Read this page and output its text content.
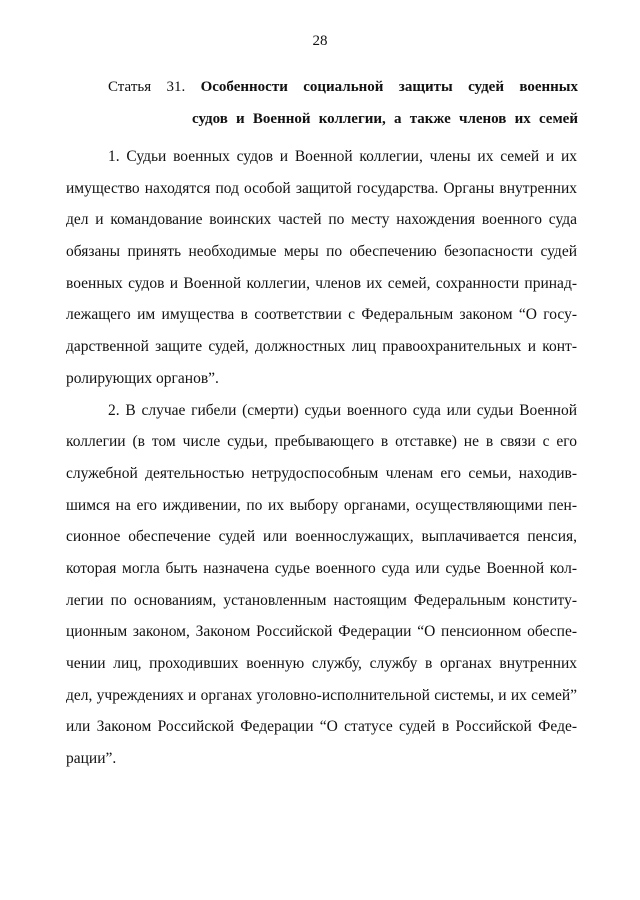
28
Статья 31. Особенности социальной защиты судей военных
судов и Военной коллегии, а также членов их семей
1. Судьи военных судов и Военной коллегии, члены их семей и их
имущество находятся под особой защитой государства. Органы внутренних
дел и командование воинских частей по месту нахождения военного суда
обязаны принять необходимые меры по обеспечению безопасности судей
военных судов и Военной коллегии, членов их семей, сохранности принад-
лежащего им имущества в соответствии с Федеральным законом “О госу-
дарственной защите судей, должностных лиц правоохранительных и конт-
ролирующих органов”.
2. В случае гибели (смерти) судьи военного суда или судьи Военной
коллегии (в том числе судьи, пребывающего в отставке) не в связи с его
служебной деятельностью нетрудоспособным членам его семьи, находив-
шимся на его иждивении, по их выбору органами, осуществляющими пен-
сионное обеспечение судей или военнослужащих, выплачивается пенсия,
которая могла быть назначена судье военного суда или судье Военной кол-
легии по основаниям, установленным настоящим Федеральным конститу-
ционным законом, Законом Российской Федерации “О пенсионном обеспе-
чении лиц, проходивших военную службу, службу в органах внутренних
дел, учреждениях и органах уголовно-исполнительной системы, и их семей”
или Законом Российской Федерации “О статусе судей в Российской Феде-
рации”.
